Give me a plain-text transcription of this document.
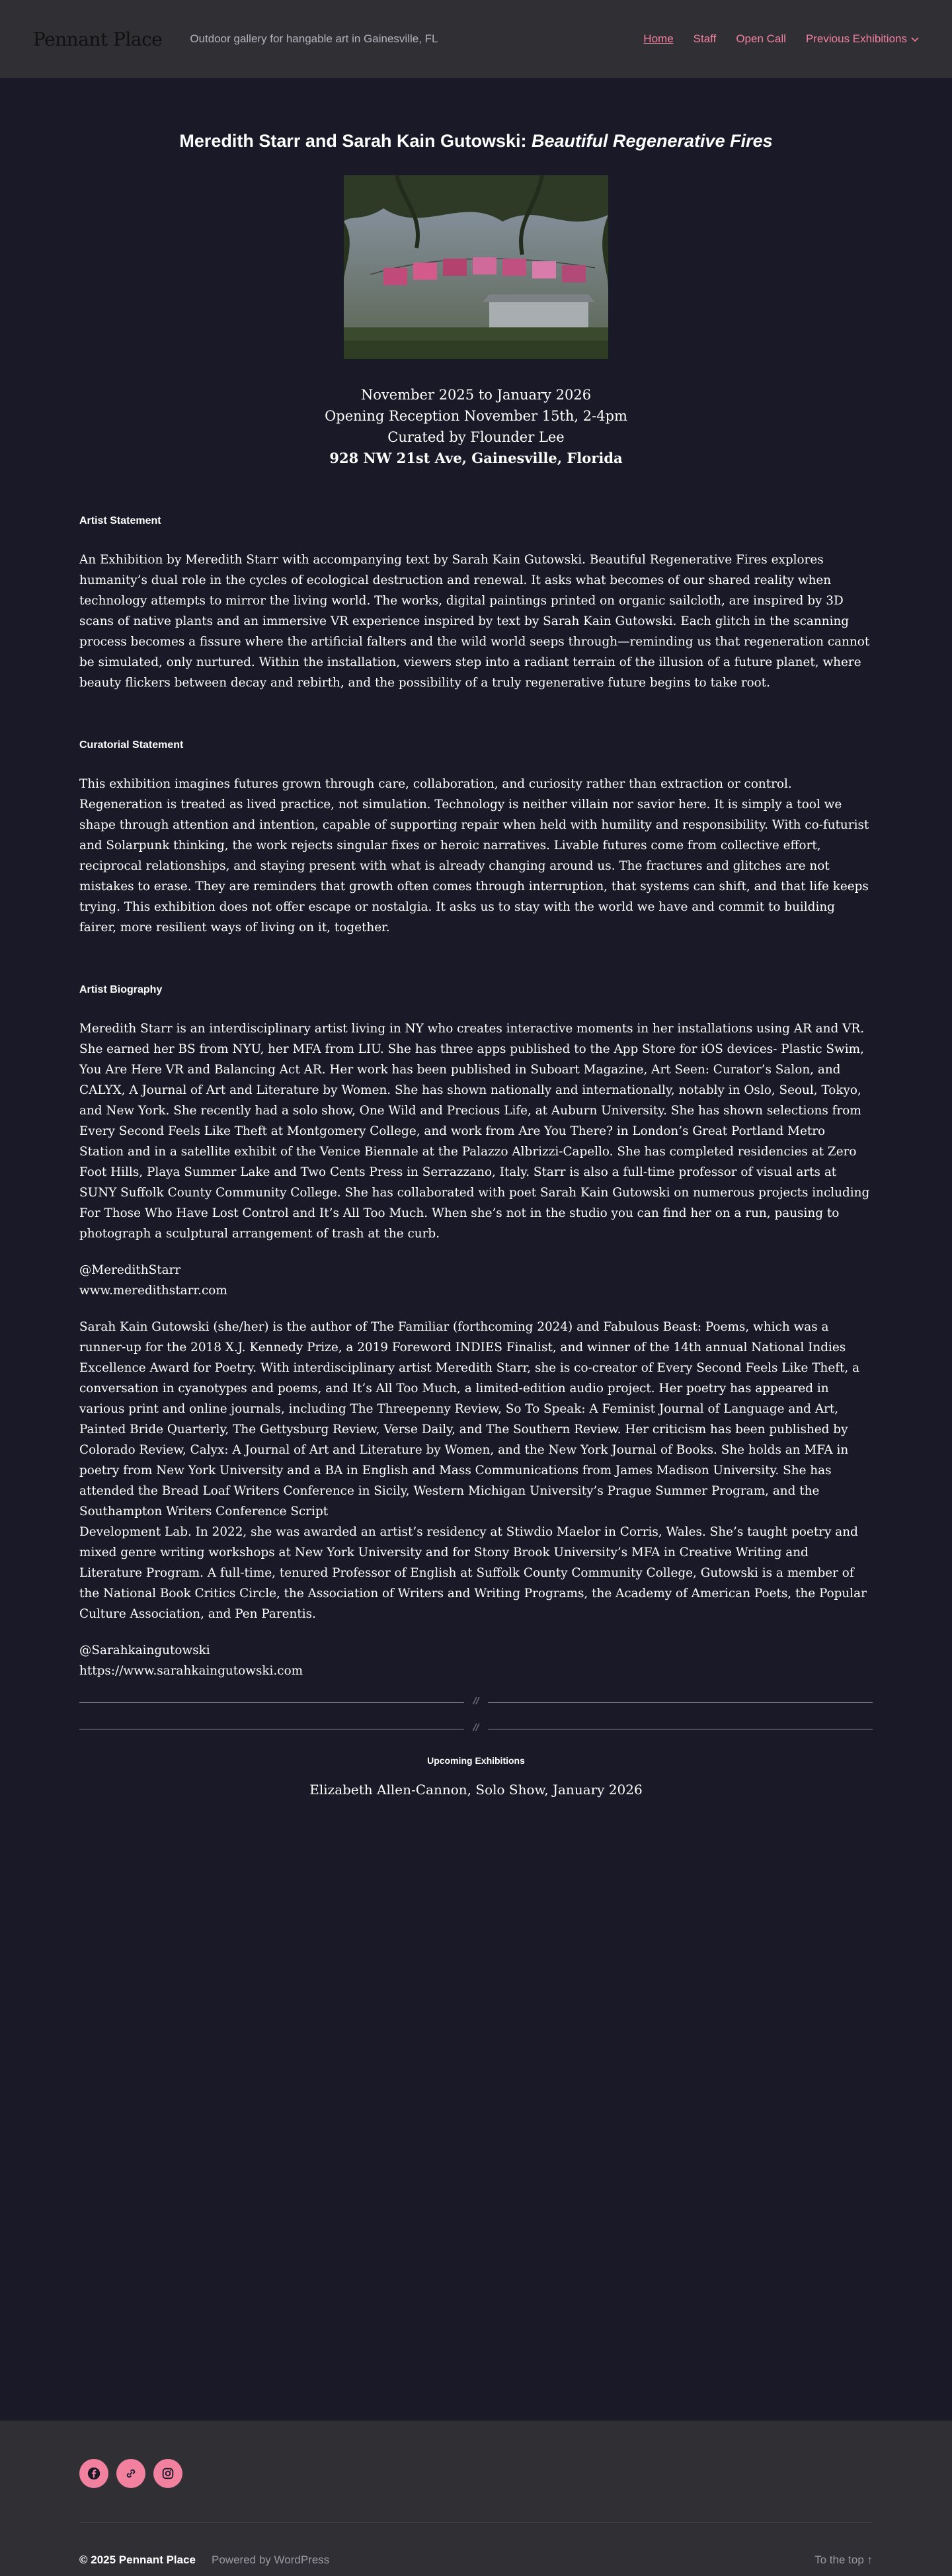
Pennant Place Outdoor gallery for hangable art in Gainesville, FL	Home Staff Open Call Previous Exhibitions
Meredith Starr and Sarah Kain Gutowski: Beautiful Regenerative Fires
November 2025 to January 2026
Opening Reception November 15th, 2-4pm
Curated by Flounder Lee
928 NW 21st Ave, Gainesville, Florida
Artist Statement

An Exhibition by Meredith Starr with accompanying text by Sarah Kain Gutowski. Beautiful Regenerative Fires explores humanity’s dual role in the cycles of ecological destruction and renewal. It asks what becomes of our shared reality when technology attempts to mirror the living world. The works, digital paintings printed on organic sailcloth, are inspired by 3D scans of native plants and an immersive VR experience inspired by text by Sarah Kain Gutowski. Each glitch in the scanning process becomes a fissure where the artificial falters and the wild world seeps through—reminding us that regeneration cannot be simulated, only nurtured. Within the installation, viewers step into a radiant terrain of the illusion of a future planet, where beauty flickers between decay and rebirth, and the possibility of a truly regenerative future begins to take root.

Curatorial Statement

This exhibition imagines futures grown through care, collaboration, and curiosity rather than extraction or control. Regeneration is treated as lived practice, not simulation. Technology is neither villain nor savior here. It is simply a tool we shape through attention and intention, capable of supporting repair when held with humility and responsibility. With co-futurist and Solarpunk thinking, the work rejects singular fixes or heroic narratives. Livable futures come from collective effort, reciprocal relationships, and staying present with what is already changing around us. The fractures and glitches are not mistakes to erase. They are reminders that growth often comes through interruption, that systems can shift, and that life keeps trying. This exhibition does not offer escape or nostalgia. It asks us to stay with the world we have and commit to building fairer, more resilient ways of living on it, together.

Artist Biography

Meredith Starr is an interdisciplinary artist living in NY who creates interactive moments in her installations using AR and VR. She earned her BS from NYU, her MFA from LIU. She has three apps published to the App Store for iOS devices- Plastic Swim, You Are Here VR and Balancing Act AR. Her work has been published in Suboart Magazine, Art Seen: Curator’s Salon, and CALYX, A Journal of Art and Literature by Women. She has shown nationally and internationally, notably in Oslo, Seoul, Tokyo, and New York. She recently had a solo show, One Wild and Precious Life, at Auburn University. She has shown selections from Every Second Feels Like Theft at Montgomery College, and work from Are You There? in London’s Great Portland Metro Station and in a satellite exhibit of the Venice Biennale at the Palazzo Albrizzi-Capello. She has completed residencies at Zero Foot Hills, Playa Summer Lake and Two Cents Press in Serrazzano, Italy. Starr is also a full-time professor of visual arts at SUNY Suffolk County Community College. She has collaborated with poet Sarah Kain Gutowski on numerous projects including For Those Who Have Lost Control and It’s All Too Much. When she’s not in the studio you can find her on a run, pausing to photograph a sculptural arrangement of trash at the curb.

@MeredithStarr
www.meredithstarr.com

Sarah Kain Gutowski (she/her) is the author of The Familiar (forthcoming 2024) and Fabulous Beast: Poems, which was a runner-up for the 2018 X.J. Kennedy Prize, a 2019 Foreword INDIES Finalist, and winner of the 14th annual National Indies Excellence Award for Poetry. With interdisciplinary artist Meredith Starr, she is co-creator of Every Second Feels Like Theft, a conversation in cyanotypes and poems, and It’s All Too Much, a limited-edition audio project. Her poetry has appeared in various print and online journals, including The Threepenny Review, So To Speak: A Feminist Journal of Language and Art, Painted Bride Quarterly, The Gettysburg Review, Verse Daily, and The Southern Review. Her criticism has been published by Colorado Review, Calyx: A Journal of Art and Literature by Women, and the New York Journal of Books. She holds an MFA in poetry from New York University and a BA in English and Mass Communications from James Madison University. She has attended the Bread Loaf Writers Conference in Sicily, Western Michigan University’s Prague Summer Program, and the Southampton Writers Conference Script
Development Lab. In 2022, she was awarded an artist’s residency at Stiwdio Maelor in Corris, Wales. She’s taught poetry and mixed genre writing workshops at New York University and for Stony Brook University’s MFA in Creative Writing and Literature Program. A full-time, tenured Professor of English at Suffolk County Community College, Gutowski is a member of the National Book Critics Circle, the Association of Writers and Writing Programs, the Academy of American Poets, the Popular Culture Association, and Pen Parentis.

@Sarahkaingutowski
https://www.sarahkaingutowski.com

//
//
Upcoming Exhibitions

Elizabeth Allen-Cannon, Solo Show, January 2026

© 2025 Pennant Place Powered by WordPress	To the top ↑
